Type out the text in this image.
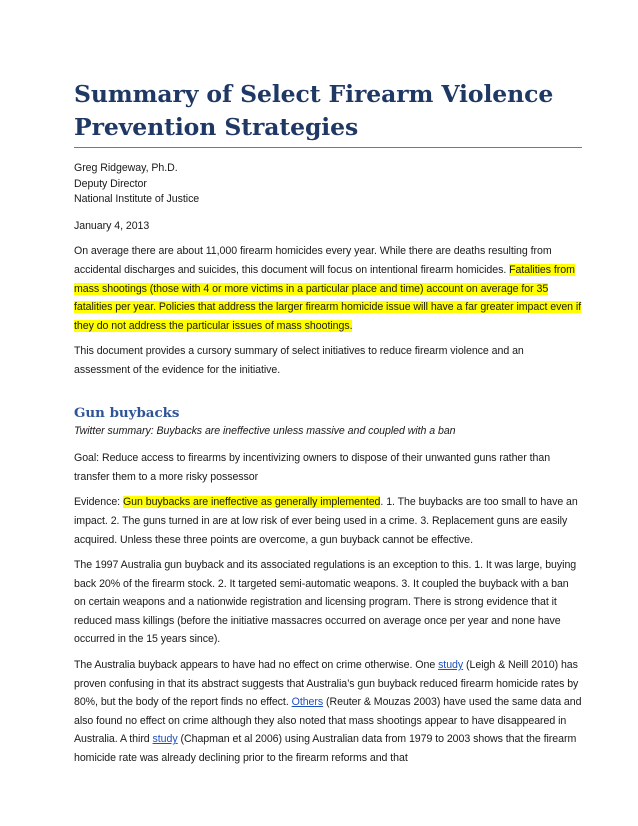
Summary of Select Firearm Violence
Prevention Strategies

Greg Ridgeway, Ph.D.
Deputy Director
National Institute of Justice

January 4, 2013

On average there are about 11,000 firearm homicides every year. While there are deaths resulting from accidental discharges and suicides, this document will focus on intentional firearm homicides. Fatalities from mass shootings (those with 4 or more victims in a particular place and time) account on average for 35 fatalities per year. Policies that address the larger firearm homicide issue will have a far greater impact even if they do not address the particular issues of mass shootings.

This document provides a cursory summary of select initiatives to reduce firearm violence and an assessment of the evidence for the initiative.

Gun buybacks

Twitter summary: Buybacks are ineffective unless massive and coupled with a ban

Goal: Reduce access to firearms by incentivizing owners to dispose of their unwanted guns rather than transfer them to a more risky possessor

Evidence: Gun buybacks are ineffective as generally implemented. 1. The buybacks are too small to have an impact. 2. The guns turned in are at low risk of ever being used in a crime. 3. Replacement guns are easily acquired. Unless these three points are overcome, a gun buyback cannot be effective.

The 1997 Australia gun buyback and its associated regulations is an exception to this. 1. It was large, buying back 20% of the firearm stock. 2. It targeted semi-automatic weapons. 3. It coupled the buyback with a ban on certain weapons and a nationwide registration and licensing program. There is strong evidence that it reduced mass killings (before the initiative massacres occurred on average once per year and none have occurred in the 15 years since).

The Australia buyback appears to have had no effect on crime otherwise. One study (Leigh & Neill 2010) has proven confusing in that its abstract suggests that Australia’s gun buyback reduced firearm homicide rates by 80%, but the body of the report finds no effect. Others (Reuter & Mouzas 2003) have used the same data and also found no effect on crime although they also noted that mass shootings appear to have disappeared in Australia. A third study (Chapman et al 2006) using Australian data from 1979 to 2003 shows that the firearm homicide rate was already declining prior to the firearm reforms and that
